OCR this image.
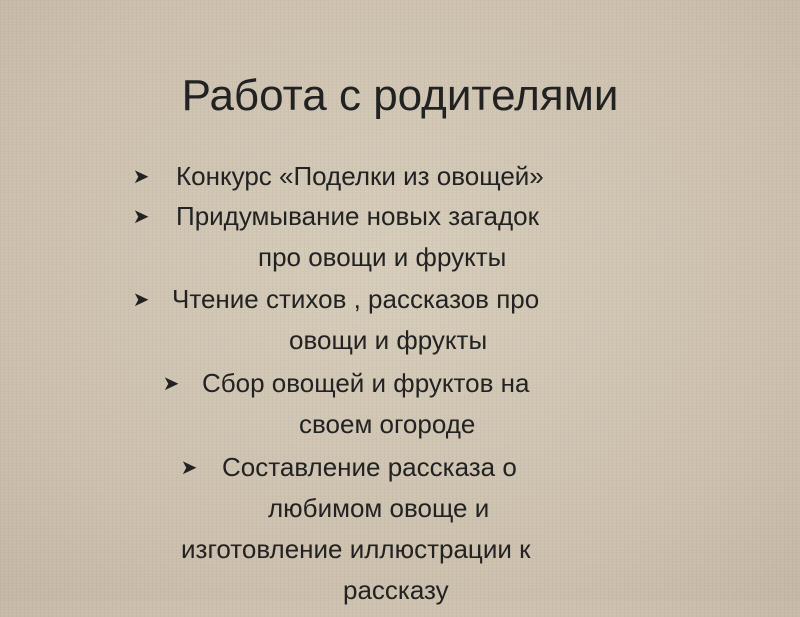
Работа с родителями
➤ Конкурс «Поделки из овощей»
➤ Придумывание новых загадок
про овощи и фрукты
➤ Чтение стихов , рассказов про
овощи и фрукты
➤ Сбор овощей и фруктов на
своем огороде
➤ Составление рассказа о
любимом овоще и
изготовление иллюстрации к
рассказу
